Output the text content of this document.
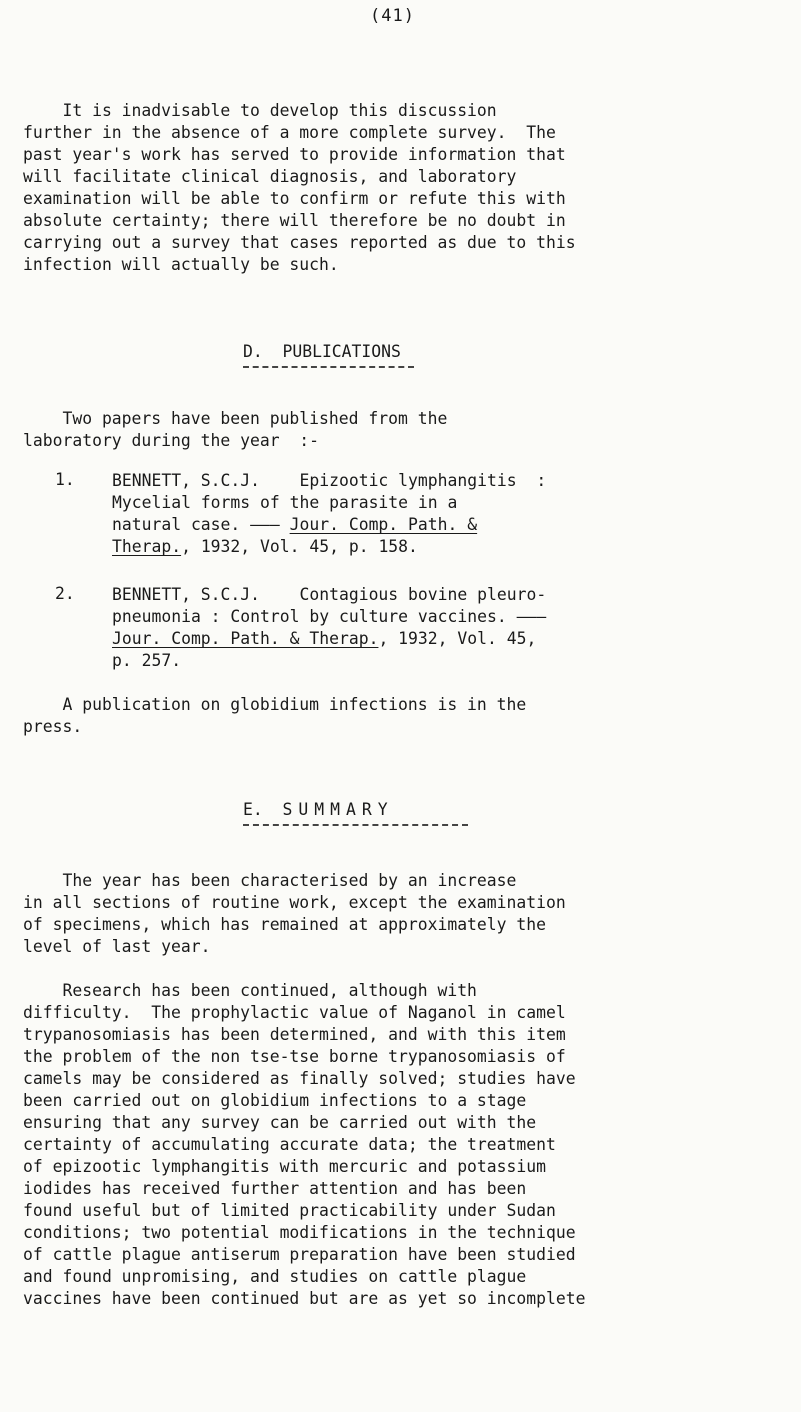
(41)
It is inadvisable to develop this discussion
further in the absence of a more complete survey.  The
past year's work has served to provide information that
will facilitate clinical diagnosis, and laboratory
examination will be able to confirm or refute this with
absolute certainty; there will therefore be no doubt in
carrying out a survey that cases reported as due to this
infection will actually be such.
D.  PUBLICATIONS
Two papers have been published from the
laboratory during the year  :-
1. BENNETT, S.C.J.    Epizootic lymphangitis  :
Mycelial forms of the parasite in a
natural case. ——— Jour. Comp. Path. &
Therap., 1932, Vol. 45, p. 158.
2. BENNETT, S.C.J.    Contagious bovine pleuro-
pneumonia : Control by culture vaccines. ———
Jour. Comp. Path. & Therap., 1932, Vol. 45,
p. 257.
A publication on globidium infections is in the
press.
E. SUMMARY
The year has been characterised by an increase
in all sections of routine work, except the examination
of specimens, which has remained at approximately the
level of last year.
Research has been continued, although with
difficulty.  The prophylactic value of Naganol in camel
trypanosomiasis has been determined, and with this item
the problem of the non tse-tse borne trypanosomiasis of
camels may be considered as finally solved; studies have
been carried out on globidium infections to a stage
ensuring that any survey can be carried out with the
certainty of accumulating accurate data; the treatment
of epizootic lymphangitis with mercuric and potassium
iodides has received further attention and has been
found useful but of limited practicability under Sudan
conditions; two potential modifications in the technique
of cattle plague antiserum preparation have been studied
and found unpromising, and studies on cattle plague
vaccines have been continued but are as yet so incomplete
